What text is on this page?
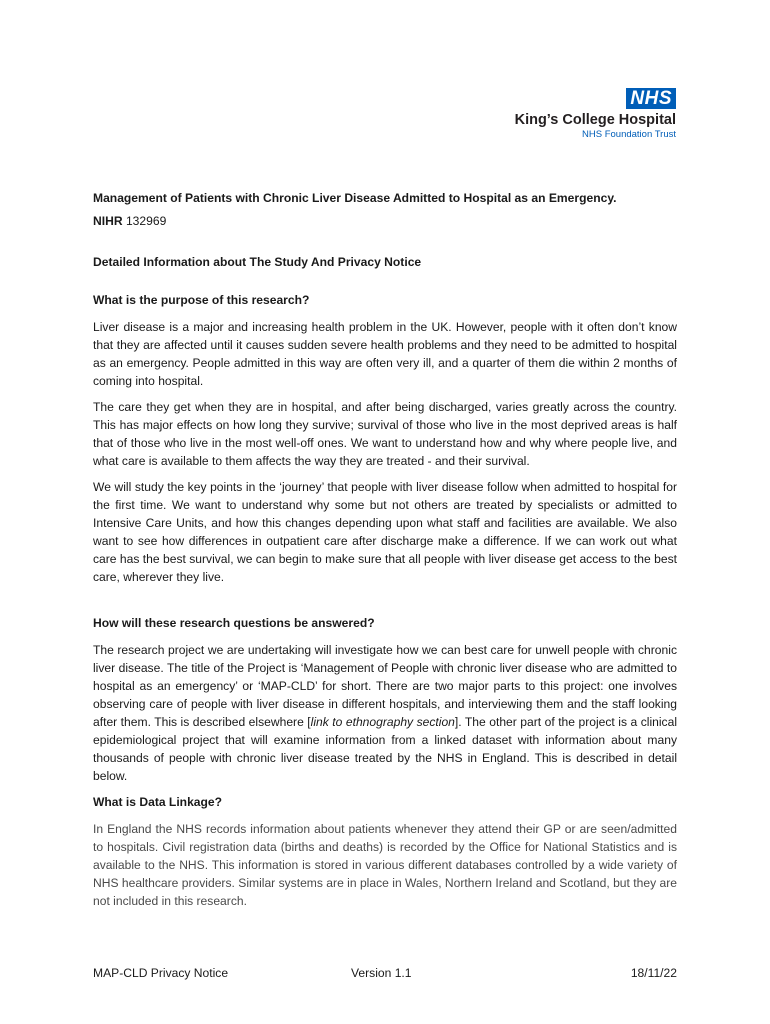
NHS
King’s College Hospital
NHS Foundation Trust
Management of Patients with Chronic Liver Disease Admitted to Hospital as an Emergency.
NIHR 132969
Detailed Information about The Study And Privacy Notice
What is the purpose of this research?

Liver disease is a major and increasing health problem in the UK. However, people with it often don’t know that they are affected until it causes sudden severe health problems and they need to be admitted to hospital as an emergency. People admitted in this way are often very ill, and a quarter of them die within 2 months of coming into hospital.

The care they get when they are in hospital, and after being discharged, varies greatly across the country. This has major effects on how long they survive; survival of those who live in the most deprived areas is half that of those who live in the most well-off ones. We want to understand how and why where people live, and what care is available to them affects the way they are treated - and their survival.

We will study the key points in the ‘journey’ that people with liver disease follow when admitted to hospital for the first time. We want to understand why some but not others are treated by specialists or admitted to Intensive Care Units, and how this changes depending upon what staff and facilities are available. We also want to see how differences in outpatient care after discharge make a difference. If we can work out what care has the best survival, we can begin to make sure that all people with liver disease get access to the best care, wherever they live.

How will these research questions be answered?

The research project we are undertaking will investigate how we can best care for unwell people with chronic liver disease. The title of the Project is ‘Management of People with chronic liver disease who are admitted to hospital as an emergency’ or ‘MAP-CLD’ for short. There are two major parts to this project: one involves observing care of people with liver disease in different hospitals, and interviewing them and the staff looking after them. This is described elsewhere [link to ethnography section]. The other part of the project is a clinical epidemiological project that will examine information from a linked dataset with information about many thousands of people with chronic liver disease treated by the NHS in England. This is described in detail below.

What is Data Linkage?

In England the NHS records information about patients whenever they attend their GP or are seen/admitted to hospitals. Civil registration data (births and deaths) is recorded by the Office for National Statistics and is available to the NHS. This information is stored in various different databases controlled by a wide variety of NHS healthcare providers. Similar systems are in place in Wales, Northern Ireland and Scotland, but they are not included in this research.

MAP-CLD Privacy Notice	Version 1.1	18/11/22
